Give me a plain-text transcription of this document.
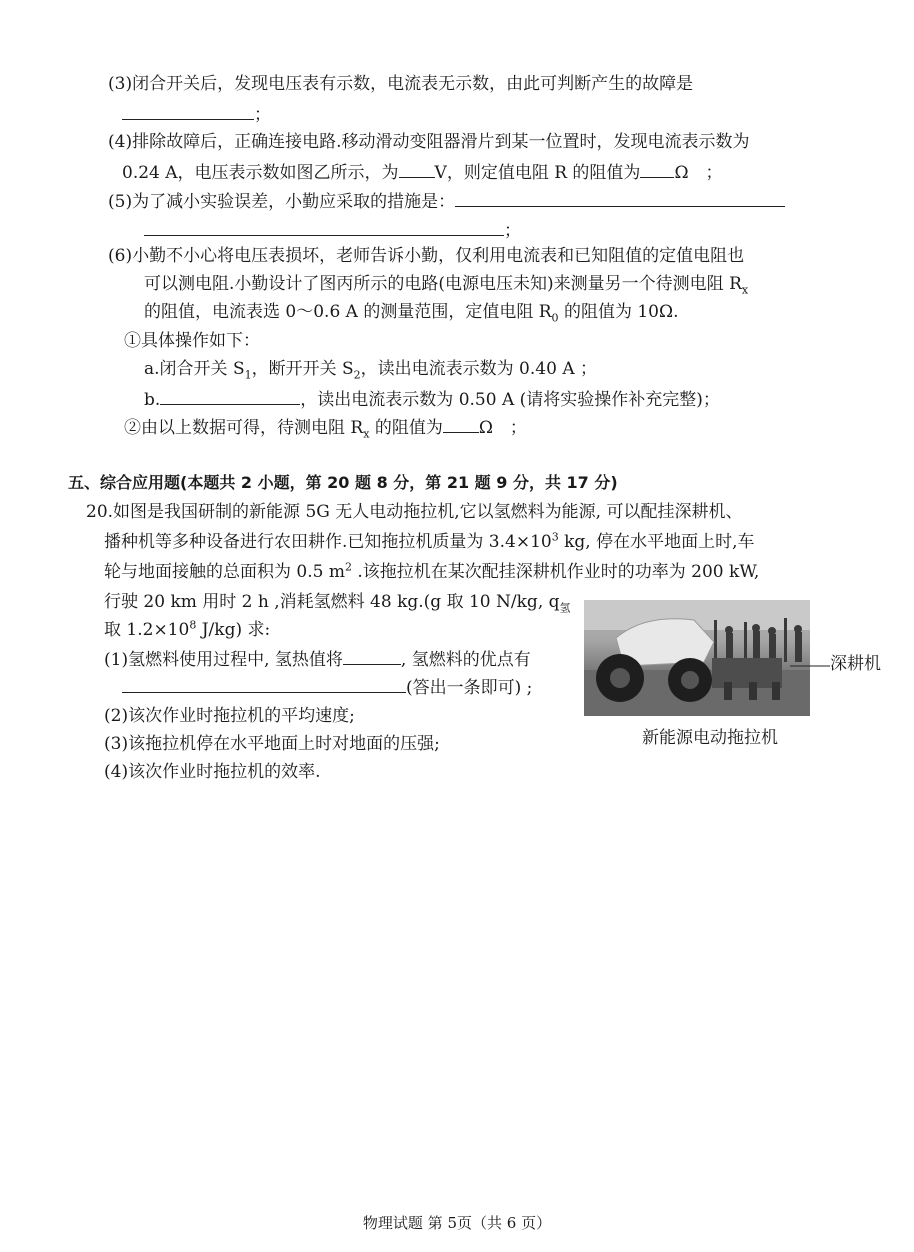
(3)闭合开关后，发现电压表有示数，电流表无示数，由此可判断产生的故障是
；
(4)排除故障后，正确连接电路.移动滑动变阻器滑片到某一位置时，发现电流表示数为
0.24 A，电压表示数如图乙所示，为 V，则定值电阻 R 的阻值为 Ω　；
(5)为了减小实验误差，小勤应采取的措施是：
；
(6)小勤不小心将电压表损坏，老师告诉小勤，仅利用电流表和已知阻值的定值电阻也
可以测电阻.小勤设计了图丙所示的电路(电源电压未知)来测量另一个待测电阻 $R_x$
的阻值，电流表选 0～0.6 A 的测量范围，定值电阻 $R_0$ 的阻值为 10Ω.
①具体操作如下：
a.闭合开关 $S_1$，断开开关 $S_2$，读出电流表示数为 0.40 A ；
b.	，读出电流表示数为 0.50 A (请将实验操作补充完整)；
②由以上数据可得，待测电阻 $R_x$ 的阻值为 Ω　；
五、综合应用题(本题共 2 小题，第 20 题 8 分，第 21 题 9 分，共 17 分)
20.如图是我国研制的新能源 5G 无人电动拖拉机,它以氢燃料为能源, 可以配挂深耕机、
播种机等多种设备进行农田耕作.已知拖拉机质量为 $3.4\times 10^3$ kg, 停在水平地面上时,车
轮与地面接触的总面积为 0.5 $m^2$ .该拖拉机在某次配挂深耕机作业时的功率为 200 kW,
行驶 20 km 用时 2 h ,消耗氢燃料 48 kg.(g 取 10 N/kg, $q_氢$
取 $1.2\times 10^8$ J/kg) 求:
(1)氢燃料使用过程中, 氢热值将	, 氢燃料的优点有
(答出一条即可) ;
(2)该次作业时拖拉机的平均速度;
(3)该拖拉机停在水平地面上时对地面的压强;
(4)该次作业时拖拉机的效率.
深耕机
新能源电动拖拉机
物理试题 第 5页（共 6 页）
